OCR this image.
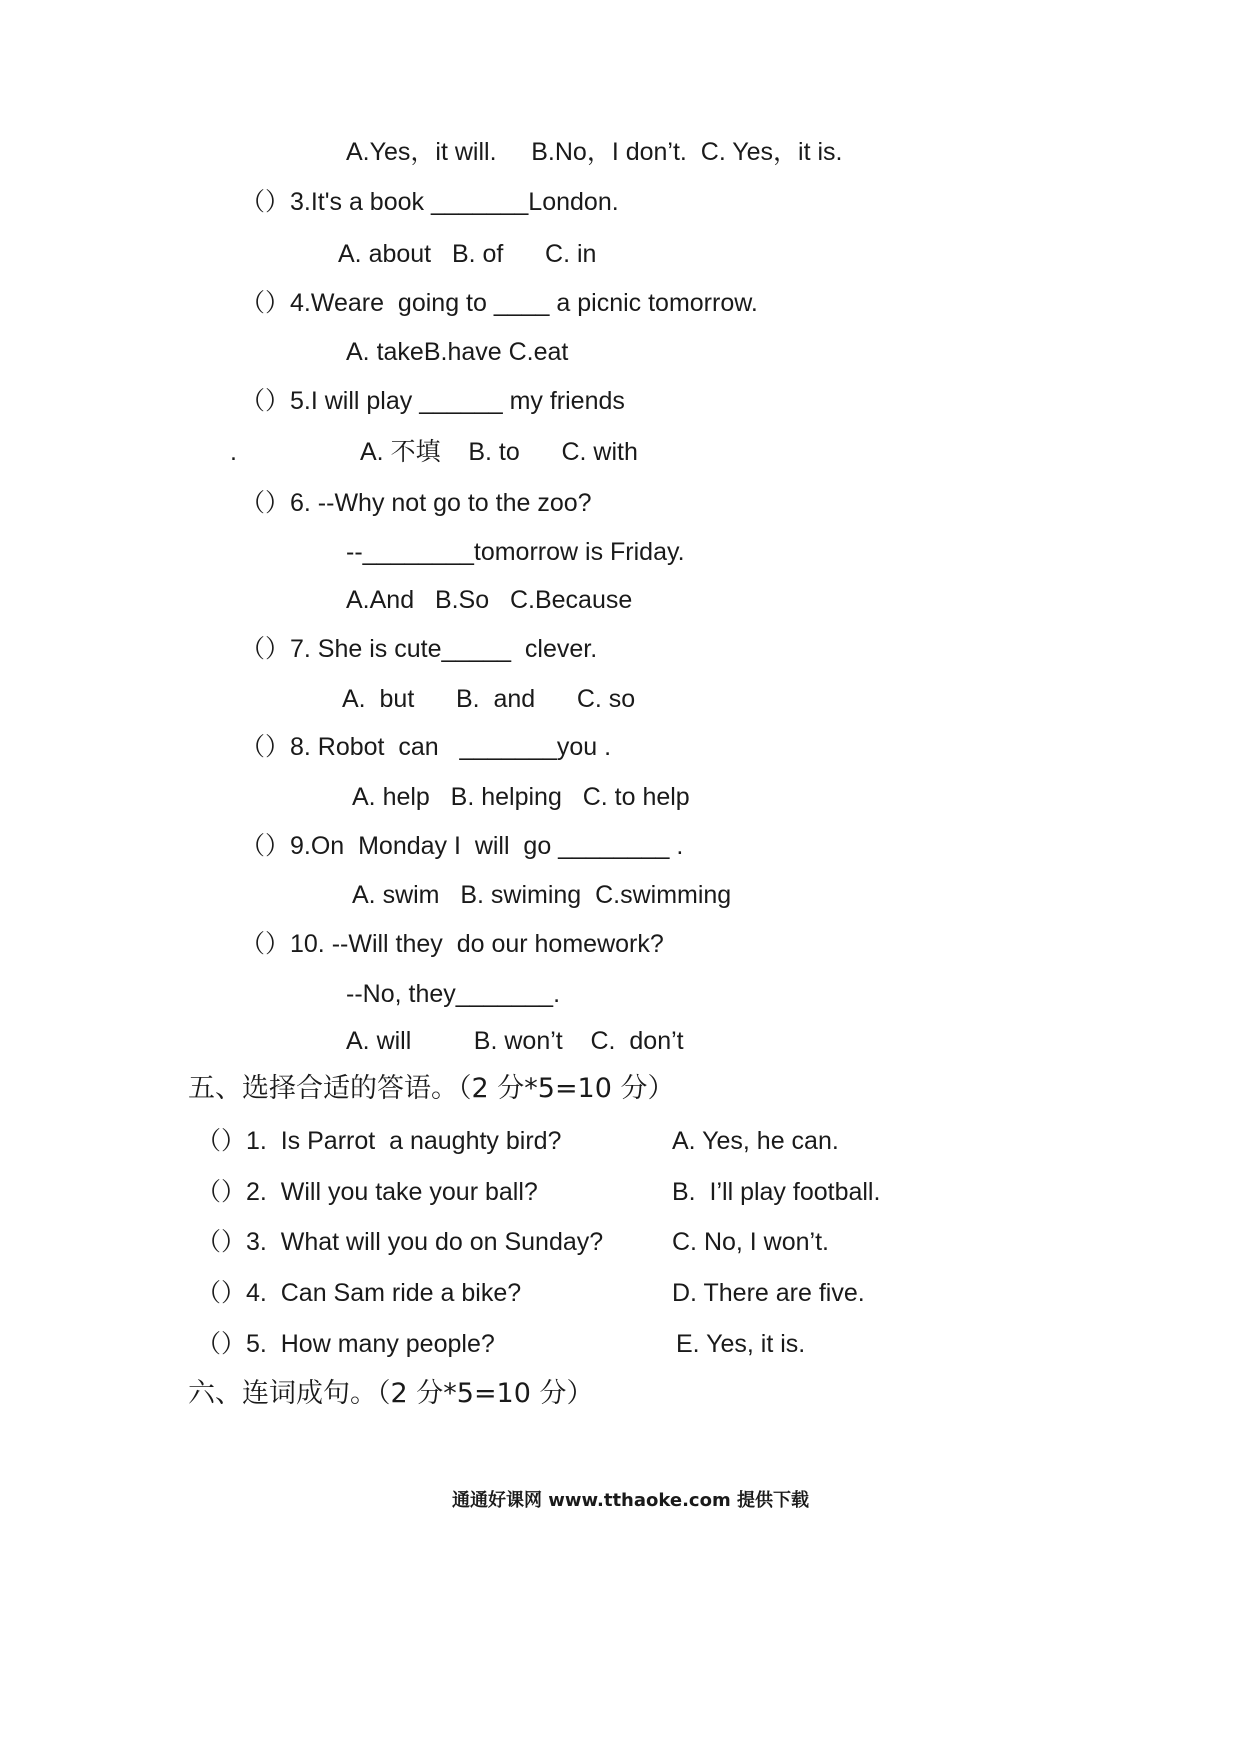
A.Yes，it will.     B.No，I don’t.  C. Yes，it is.
（）3.It's a book _______London.
A. about   B. of      C. in
（）4.Weare  going to ____ a picnic tomorrow.
A. takeB.have C.eat
（）5.I will play ______ my friends
.	A. 不填    B. to      C. with
（）6. --Why not go to the zoo?
--________tomorrow is Friday.
A.And   B.So   C.Because
（）7. She is cute_____  clever.
A.  but      B.  and      C. so
（）8. Robot  can   _______you .
A. help   B. helping   C. to help
（）9.On  Monday I  will  go ________ .
A. swim   B. swiming  C.swimming
（）10. --Will they  do our homework?
--No, they_______.
A. will         B. won’t    C.  don’t
五、选择合适的答语。（2 分*5=10 分）
（）1.  Is Parrot  a naughty bird?	A. Yes, he can.
（）2.  Will you take your ball?	B.  I’ll play football.
（）3.  What will you do on Sunday?	C. No, I won’t.
（）4.  Can Sam ride a bike?	D. There are five.
（）5.  How many people?	E. Yes, it is.
六、连词成句。（2 分*5=10 分）
通通好课网 www.tthaoke.com 提供下载
